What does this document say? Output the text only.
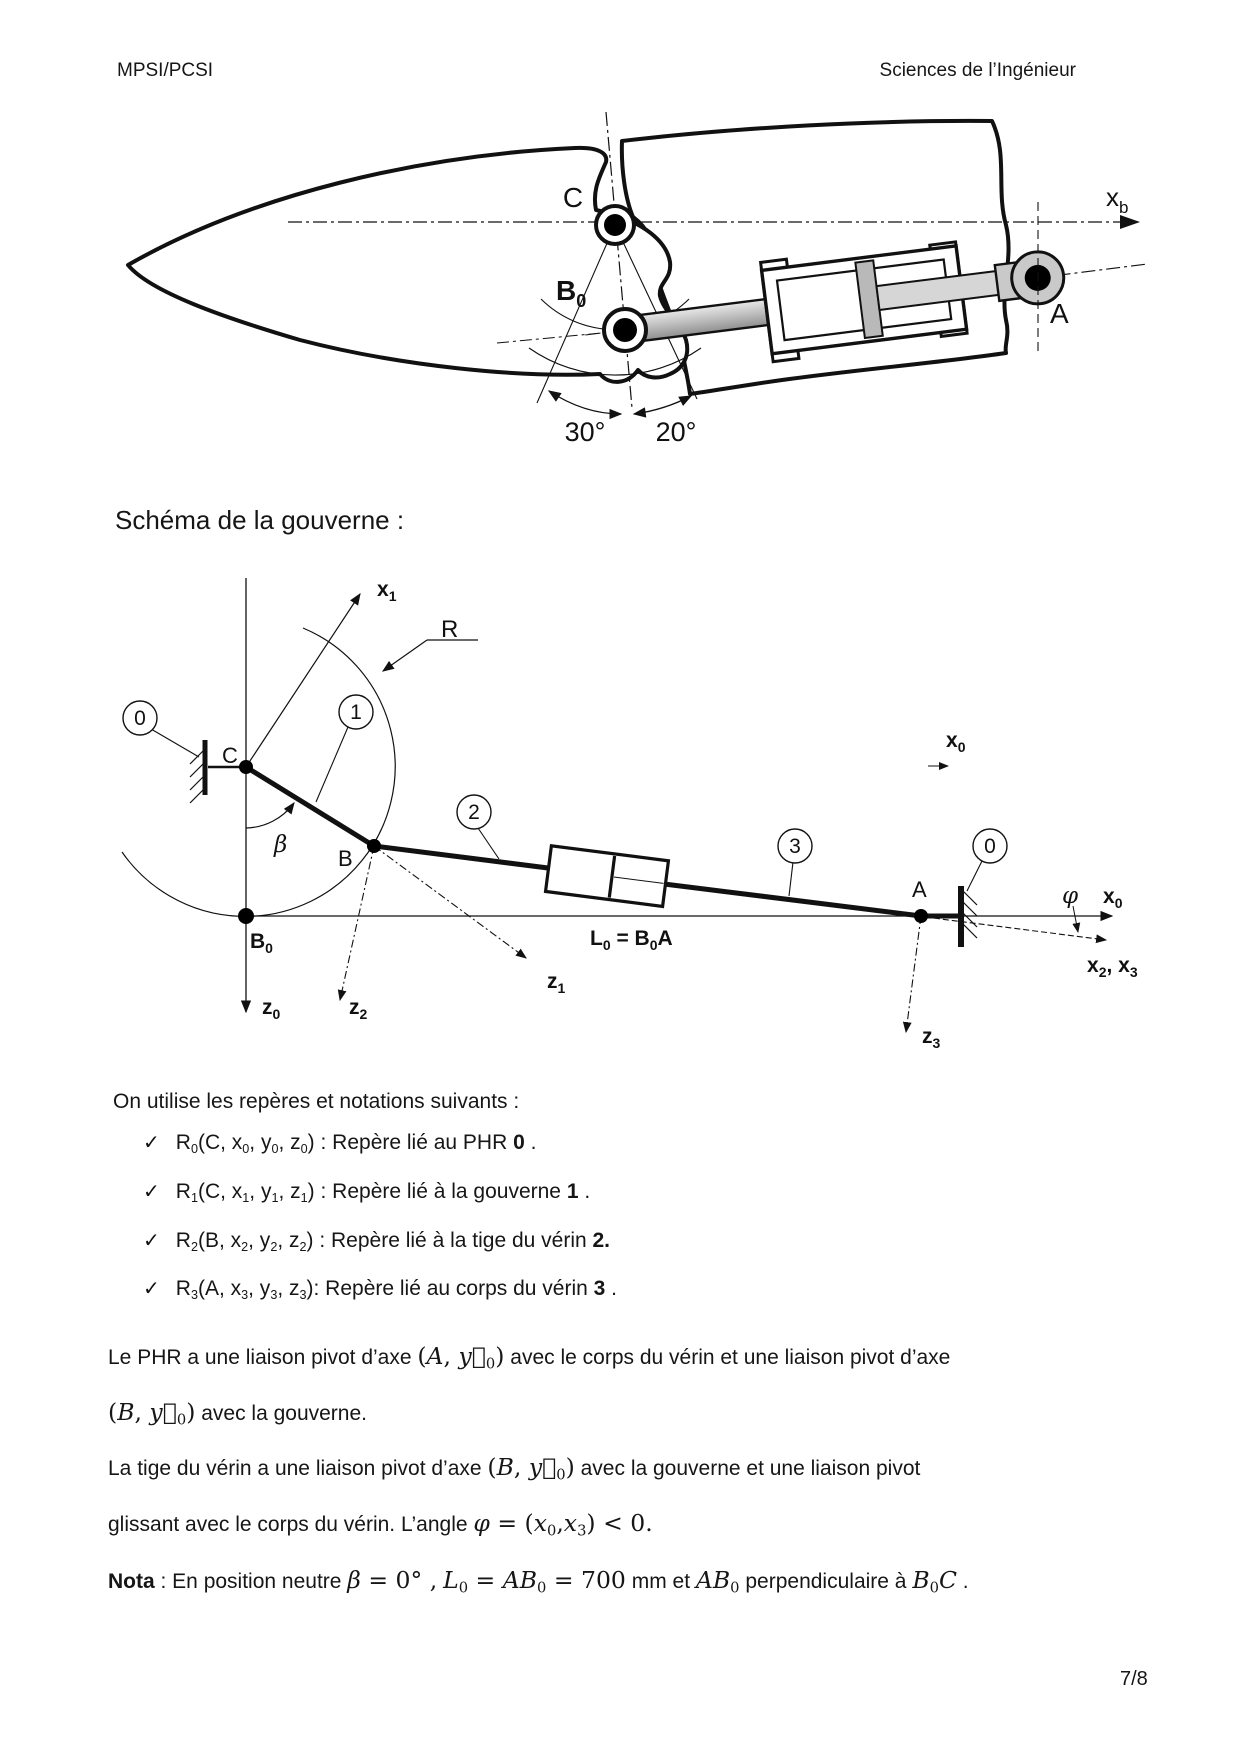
MPSI/PCSI	Sciences de l’Ingénieur
C
$B_0$	A
$x_b$
30° 20°
Schéma de la gouverne :
0	1
2
3	0
C
B
A
$B_0$
$x_1$
R
β
$x_0$
$x_0$
φ
$x_2$, $x_3$
$z_0$
$z_1$
$z_2$
$z_3$
$L_0 = B_0A$
On utilise les repères et notations suivants :
✓ R0(C, x0, y0, z0) : Repère lié au PHR 0 .
✓ R1(C, x1, y1, z1) : Repère lié à la gouverne 1 .
✓ R2(B, x2, y2, z2) : Repère lié à la tige du vérin 2.
✓ R3(A, x3, y3, z3): Repère lié au corps du vérin 3 .
Le PHR a une liaison pivot d’axe (A, $y⃗_0$) avec le corps du vérin et une liaison pivot d’axe
(B, $y⃗_0$) avec la gouverne.
La tige du vérin a une liaison pivot d’axe (B, $y⃗_0$) avec la gouverne et une liaison pivot
glissant avec le corps du vérin. L’angle $\varphi = (x_0,x_3) < 0$.
Nota : En position neutre β = 0° , $L_0 = AB_0 = 700$ mm et $AB_0$ perpendiculaire à $B_0C$ .
7/8
